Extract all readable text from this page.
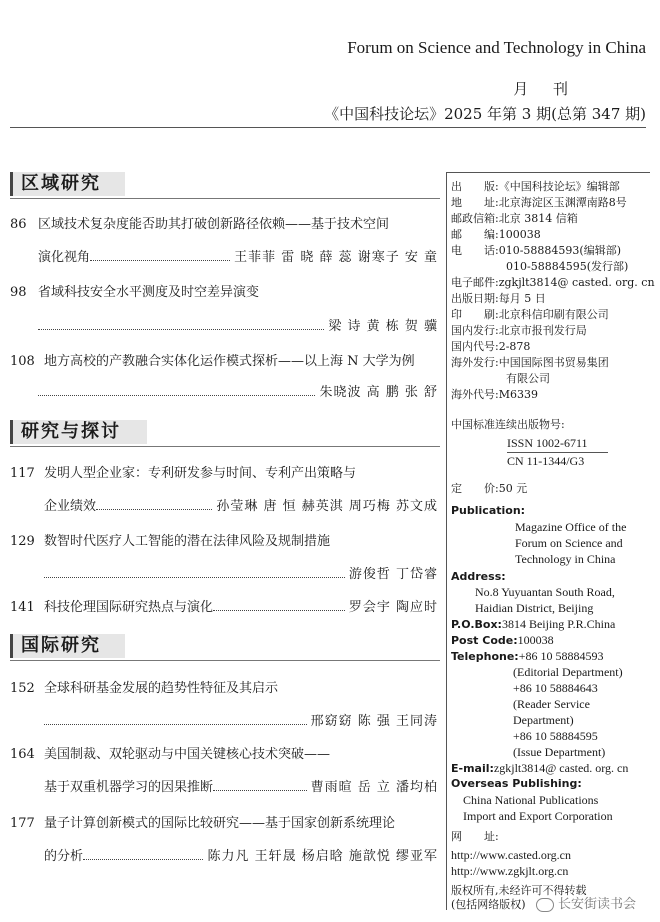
Forum on Science and Technology in China
月 刊
《中国科技论坛》2025 年第 3 期(总第 347 期)
区域研究
86 区域技术复杂度能否助其打破创新路径依赖——基于技术空间
演化视角	王菲菲 雷 晓 薛 蕊 谢寒子 安 童
98 省域科技安全水平测度及时空差异演变
梁 诗 黄 栋 贺 骥
108 地方高校的产教融合实体化运作模式探析——以上海 N 大学为例
朱晓波 高 鹏 张 舒
研究与探讨
117 发明人型企业家：专利研发参与时间、专利产出策略与
企业绩效	孙莹琳 唐 恒 赫英淇 周巧梅 苏文成
129 数智时代医疗人工智能的潜在法律风险及规制措施
游俊哲 丁岱睿
141 科技伦理国际研究热点与演化	罗会宇 陶应时
国际研究
152 全球科研基金发展的趋势性特征及其启示
邢窈窈 陈 强 王同涛
164 美国制裁、双轮驱动与中国关键核心技术突破——
基于双重机器学习的因果推断	曹雨暄 岳 立 潘均柏
177 量子计算创新模式的国际比较研究——基于国家创新系统理论
的分析	陈力凡 王轩晟 杨启晗 施歆悦 缪亚军
出　　版:《中国科技论坛》编辑部
地　　址:北京海淀区玉渊潭南路8号
邮政信箱:北京 3814 信箱
邮　　编:100038
电　　话:010-58884593(编辑部)
　　　　　010-58884595(发行部)
电子邮件:zgkjlt3814@ casted. org. cn
出版日期:每月 5 日
印　　刷:北京科信印刷有限公司
国内发行:北京市报刊发行局
国内代号:2-878
海外发行:中国国际图书贸易集团
　　　　　有限公司
海外代号:M6339
中国标准连续出版物号:
ISSN 1002-6711
CN 11-1344/G3
定　　价:50 元
Publication:
Magazine Office of the
Forum on Science and
Technology in China
Address:
No.8 Yuyuantan South Road,
Haidian District, Beijing
P.O.Box:3814 Beijing P.R.China
Post Code:100038
Telephone:+86 10 58884593
(Editorial Department)
+86 10 58884643
(Reader Service
Department)
+86 10 58884595
(Issue Department)
E-mail:zgkjlt3814@ casted. org. cn
Overseas Publishing:
China National Publications
Import and Export Corporation
网　　址:
http://www.casted.org.cn
http://www.zgkjlt.org.cn
版权所有,未经许可不得转载
(包括网络版权)	长安街读书会
